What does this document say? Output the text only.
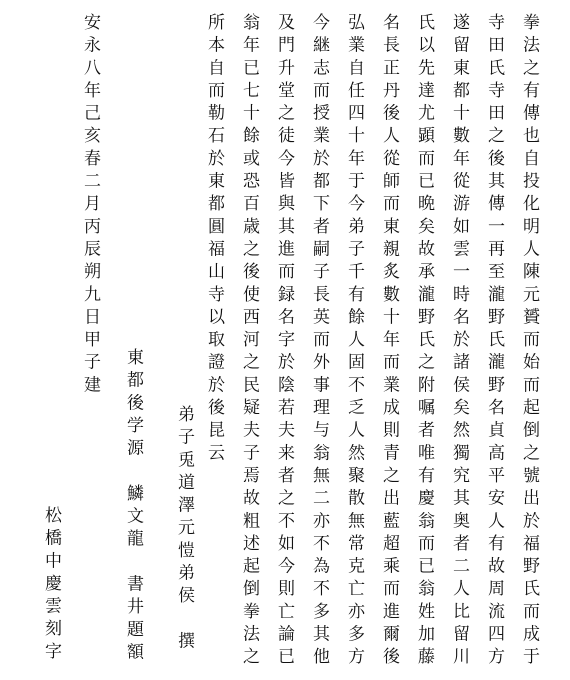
拳法之有傳也自投化明人陳元贇而始而起倒之號出於福野氏而成于
寺田氏寺田之後其傳一再至瀧野氏瀧野名貞高平安人有故周流四方
遂留東都十數年從游如雲一時名於諸侯矣然獨究其奥者二人比留川
氏以先達尤顕而已晩矣故承瀧野氏之附嘱者唯有慶翁而已翁姓加藤
名長正丹後人從師而東親炙數十年而業成則青之出藍超乘而進爾後
弘業自任四十年于今弟子千有餘人固不乏人然聚散無常克亡亦多方
今継志而授業於都下者嗣子長英而外事理与翁無二亦不為不多其他
及門升堂之徒今皆與其進而録名字於陰若夫来者之不如今則亡論已
翁年已七十餘或恐百歳之後使西河之民疑夫子焉故粗述起倒拳法之
所本自而勒石於東都圓福山寺以取證於後昆云
弟子兎道澤元愷弟侯　撰
東都後学源　鱗文龍　書井題額
安永八年己亥春二月丙辰朔九日甲子建
松橋中慶雲刻字
